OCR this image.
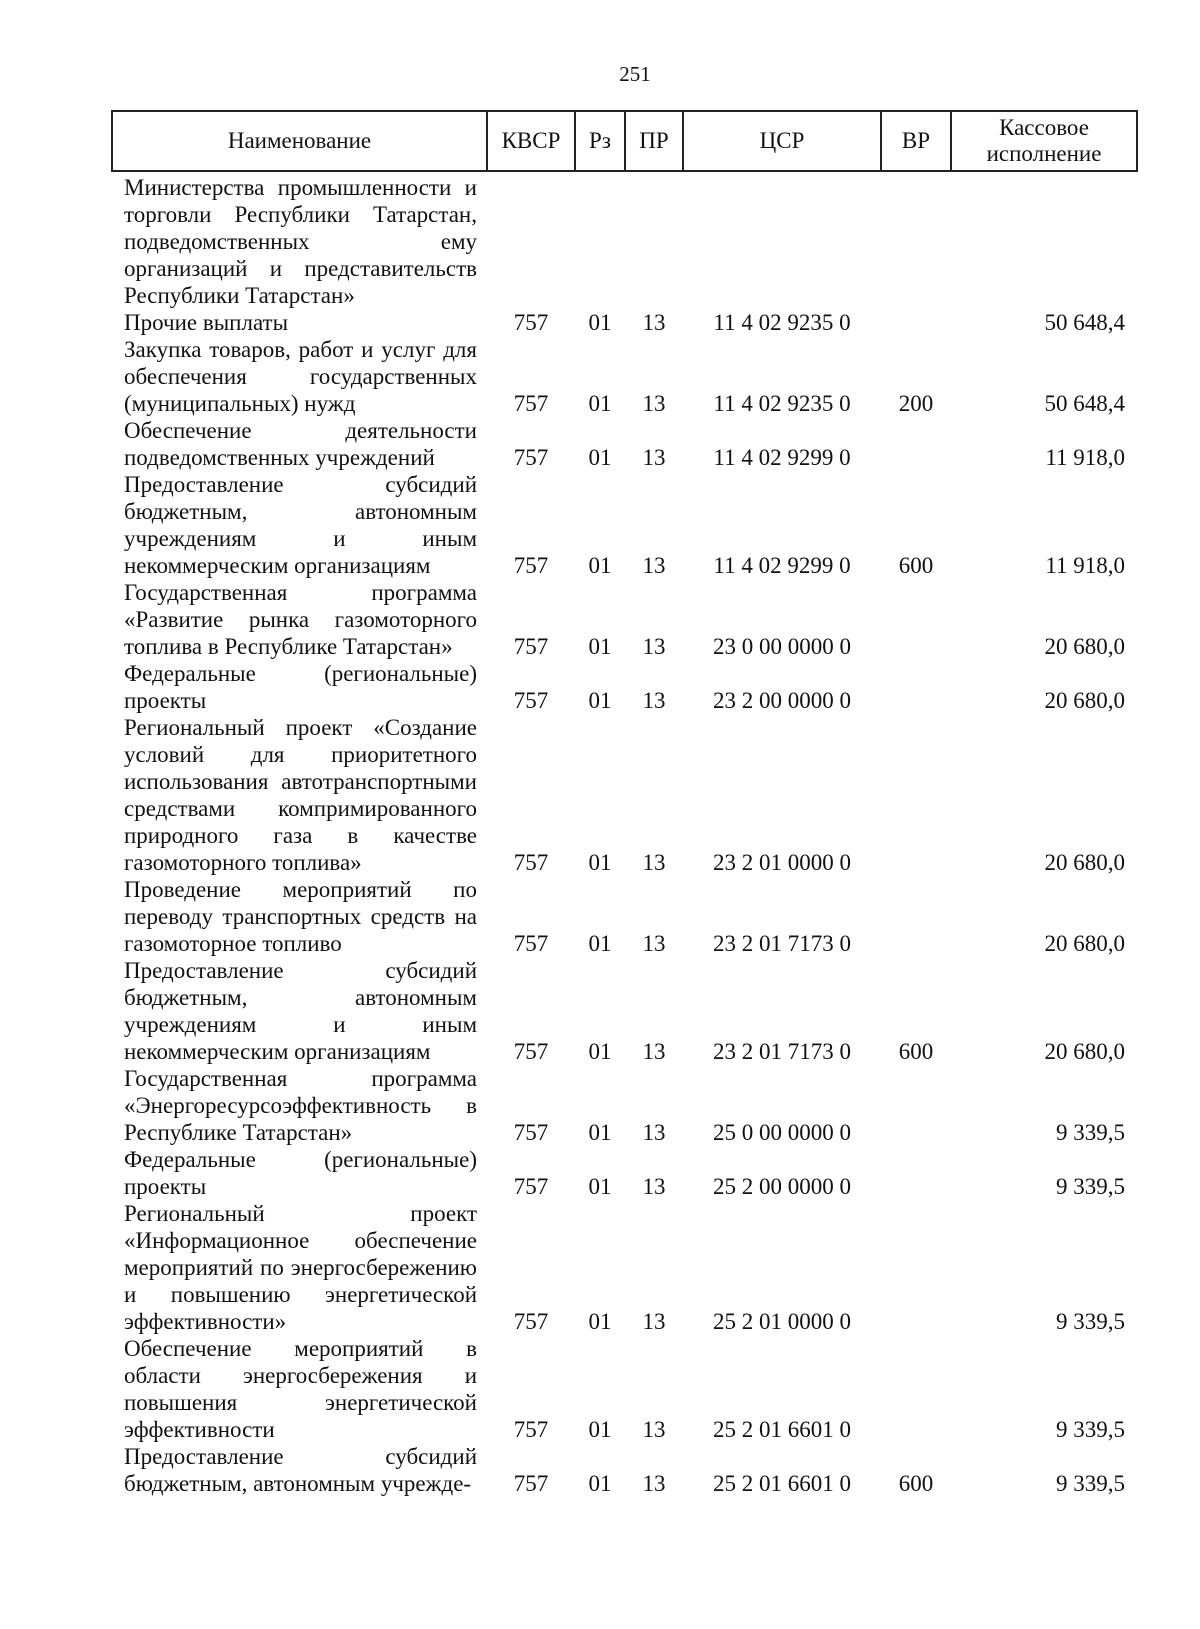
251
Наименование	КВСР	Рз	ПР	ЦСР	ВР	Кассовое исполнение
Министерства промышленности и торговли Республики Татарстан, подведомственных ему организаций и представительств Республики Татарстан»						
Прочие выплаты	757	01	13	11 4 02 9235 0		50 648,4
Закупка товаров, работ и услуг для обеспечения государственных (муниципальных) нужд	757	01	13	11 4 02 9235 0	200	50 648,4
Обеспечение деятельности подведомственных учреждений	757	01	13	11 4 02 9299 0		11 918,0
Предоставление субсидий бюджетным, автономным учреждениям и иным некоммерческим организациям	757	01	13	11 4 02 9299 0	600	11 918,0
Государственная программа «Развитие рынка газомоторного топлива в Республике Татарстан»	757	01	13	23 0 00 0000 0		20 680,0
Федеральные (региональные) проекты	757	01	13	23 2 00 0000 0		20 680,0
Региональный проект «Создание условий для приоритетного использования автотранспортными средствами компримированного природного газа в качестве газомоторного топлива»	757	01	13	23 2 01 0000 0		20 680,0
Проведение мероприятий по переводу транспортных средств на газомоторное топливо	757	01	13	23 2 01 7173 0		20 680,0
Предоставление субсидий бюджетным, автономным учреждениям и иным некоммерческим организациям	757	01	13	23 2 01 7173 0	600	20 680,0
Государственная программа «Энергоресурсоэффективность в Республике Татарстан»	757	01	13	25 0 00 0000 0		9 339,5
Федеральные (региональные) проекты	757	01	13	25 2 00 0000 0		9 339,5
Региональный проект «Информационное обеспечение мероприятий по энергосбережению и повышению энергетической эффективности»	757	01	13	25 2 01 0000 0		9 339,5
Обеспечение мероприятий в области энергосбережения и повышения энергетической эффективности	757	01	13	25 2 01 6601 0		9 339,5
Предоставление субсидий бюджетным, автономным учрежде-	757	01	13	25 2 01 6601 0	600	9 339,5
